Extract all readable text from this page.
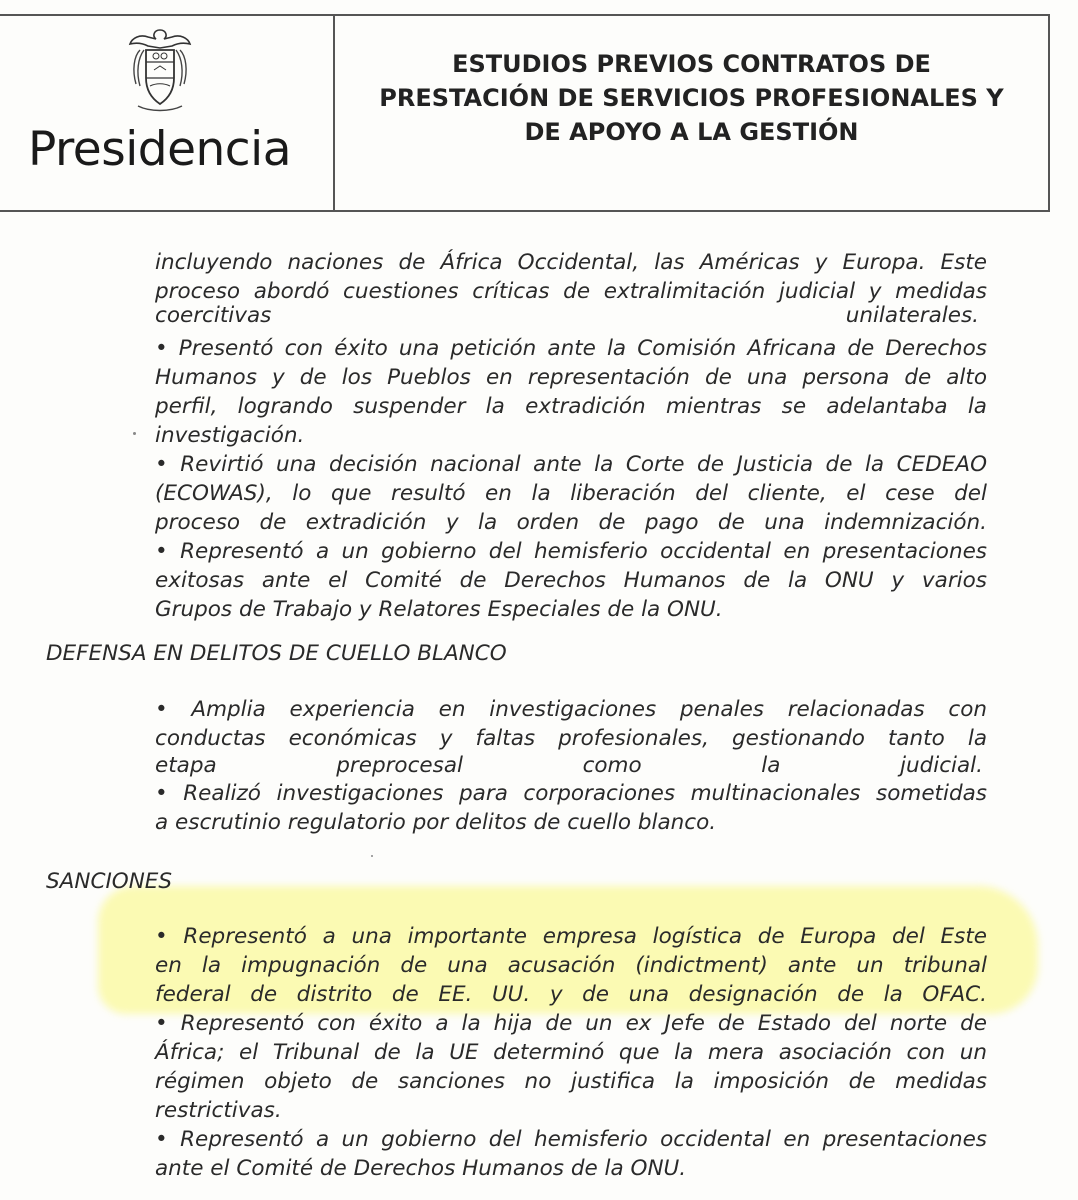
Presidencia
ESTUDIOS PREVIOS CONTRATOS DE
PRESTACIÓN DE SERVICIOS PROFESIONALES Y
DE APOYO A LA GESTIÓN
incluyendo naciones de África Occidental, las Américas y Europa. Este
proceso abordó cuestiones críticas de extralimitación judicial y medidas
coercitivas	unilaterales.
• Presentó con éxito una petición ante la Comisión Africana de Derechos
Humanos y de los Pueblos en representación de una persona de alto
perfil, logrando suspender la extradición mientras se adelantaba la
investigación.
• Revirtió una decisión nacional ante la Corte de Justicia de la CEDEAO
(ECOWAS), lo que resultó en la liberación del cliente, el cese del
proceso de extradición y la orden de pago de una indemnización.
• Representó a un gobierno del hemisferio occidental en presentaciones
exitosas ante el Comité de Derechos Humanos de la ONU y varios
Grupos de Trabajo y Relatores Especiales de la ONU.
DEFENSA EN DELITOS DE CUELLO BLANCO
• Amplia experiencia en investigaciones penales relacionadas con
conductas económicas y faltas profesionales, gestionando tanto la
etapa	preprocesal	como	la	judicial.
• Realizó investigaciones para corporaciones multinacionales sometidas
a escrutinio regulatorio por delitos de cuello blanco.
SANCIONES
• Representó a una importante empresa logística de Europa del Este
en la impugnación de una acusación (indictment) ante un tribunal
federal de distrito de EE. UU. y de una designación de la OFAC.
• Representó con éxito a la hija de un ex Jefe de Estado del norte de
África; el Tribunal de la UE determinó que la mera asociación con un
régimen objeto de sanciones no justifica la imposición de medidas
restrictivas.
• Representó a un gobierno del hemisferio occidental en presentaciones
ante el Comité de Derechos Humanos de la ONU.
